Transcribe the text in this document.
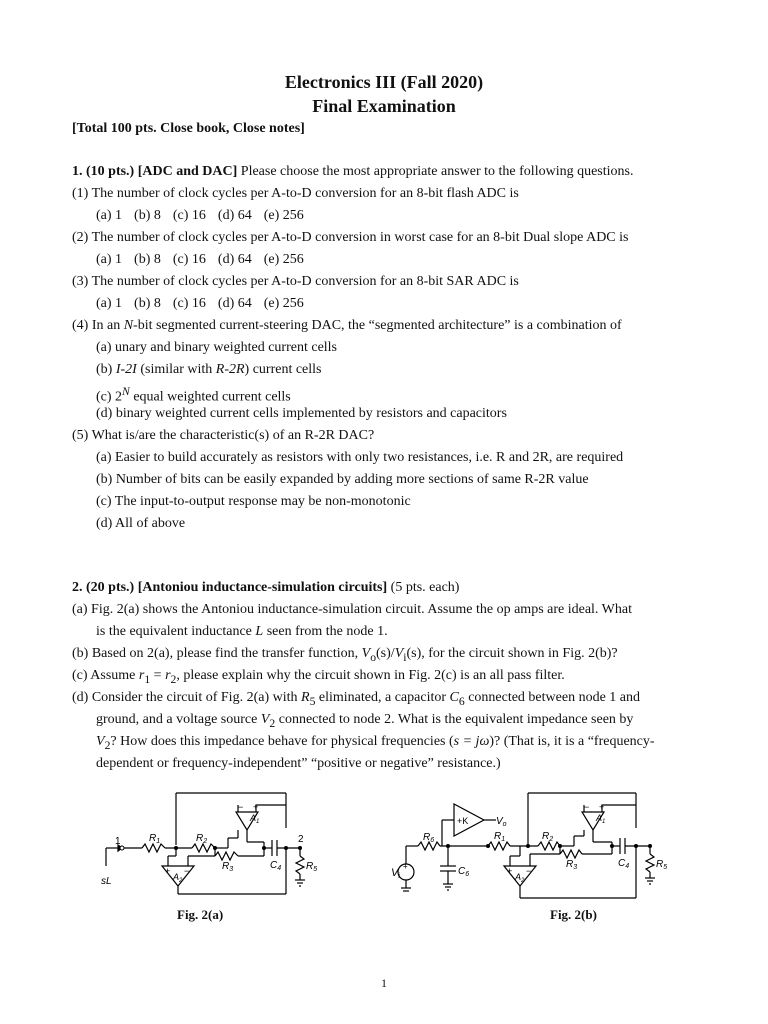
Electronics III (Fall 2020)
Final Examination
[Total 100 pts. Close book, Close notes]
1. (10 pts.) [ADC and DAC] Please choose the most appropriate answer to the following questions.
(1) The number of clock cycles per A-to-D conversion for an 8-bit flash ADC is
(a) 1 (b) 8 (c) 16 (d) 64 (e) 256
(2) The number of clock cycles per A-to-D conversion in worst case for an 8-bit Dual slope ADC is
(a) 1 (b) 8 (c) 16 (d) 64 (e) 256
(3) The number of clock cycles per A-to-D conversion for an 8-bit SAR ADC is
(a) 1 (b) 8 (c) 16 (d) 64 (e) 256
(4) In an N-bit segmented current-steering DAC, the “segmented architecture” is a combination of
(a) unary and binary weighted current cells
(b) I-2I (similar with R-2R) current cells
(c) $2^N$ equal weighted current cells
(d) binary weighted current cells implemented by resistors and capacitors
(5) What is/are the characteristic(s) of an R-2R DAC?
(a) Easier to build accurately as resistors with only two resistances, i.e. R and 2R, are required
(b) Number of bits can be easily expanded by adding more sections of same R-2R value
(c) The input-to-output response may be non-monotonic
(d) All of above
2. (20 pts.) [Antoniou inductance-simulation circuits] (5 pts. each)
(a) Fig. 2(a) shows the Antoniou inductance-simulation circuit. Assume the op amps are ideal. What
is the equivalent inductance L seen from the node 1.
(b) Based on 2(a), please find the transfer function, $V_o(s)/V_i(s)$, for the circuit shown in Fig. 2(b)?
(c) Assume $r_1 = r_2$, please explain why the circuit shown in Fig. 2(c) is an all pass filter.
(d) Consider the circuit of Fig. 2(a) with $R_5$ eliminated, a capacitor $C_6$ connected between node 1 and
ground, and a voltage source $V_2$ connected to node 2. What is the equivalent impedance seen by
$V_2$? How does this impedance behave for physical frequencies (s = jω)? (That is, it is a “frequency-
dependent or frequency-independent” “positive or negative” resistance.)
1	2
sL
$R_1$	$R_2$
$R_3$	$C_4$ $R_5$
$A_1$
− +
$A_2$
+ −
Fig. 2(a)
+K	$V_o$
$R_6$
Vi
+	$C_6$
$R_1$	$R_2$
$R_3$	$C_4$	$R_5$
$A_1$
− +
$A_2$
+ −
Fig. 2(b)
1
